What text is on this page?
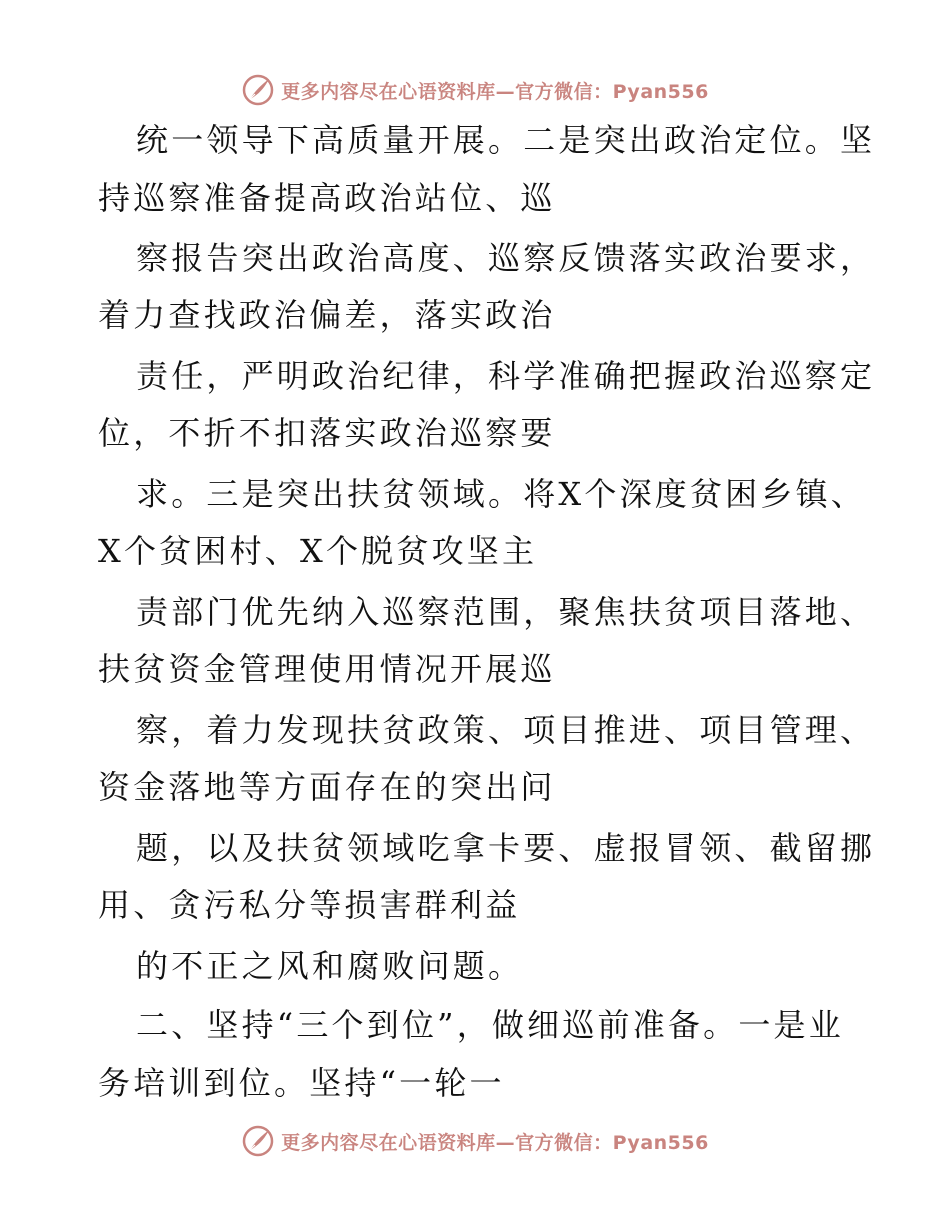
更多内容尽在心语资料库—官方微信：Pyan556
统一领导下高质量开展。二是突出政治定位。坚
持巡察准备提高政治站位、巡
察报告突出政治高度、巡察反馈落实政治要求，
着力查找政治偏差，落实政治
责任，严明政治纪律，科学准确把握政治巡察定
位，不折不扣落实政治巡察要
求。三是突出扶贫领域。将X个深度贫困乡镇、
X个贫困村、X个脱贫攻坚主
责部门优先纳入巡察范围，聚焦扶贫项目落地、
扶贫资金管理使用情况开展巡
察，着力发现扶贫政策、项目推进、项目管理、
资金落地等方面存在的突出问
题，以及扶贫领域吃拿卡要、虚报冒领、截留挪
用、贪污私分等损害群利益
的不正之风和腐败问题。
二、坚持“三个到位”，做细巡前准备。一是业
务培训到位。坚持“一轮一
更多内容尽在心语资料库—官方微信：Pyan556
